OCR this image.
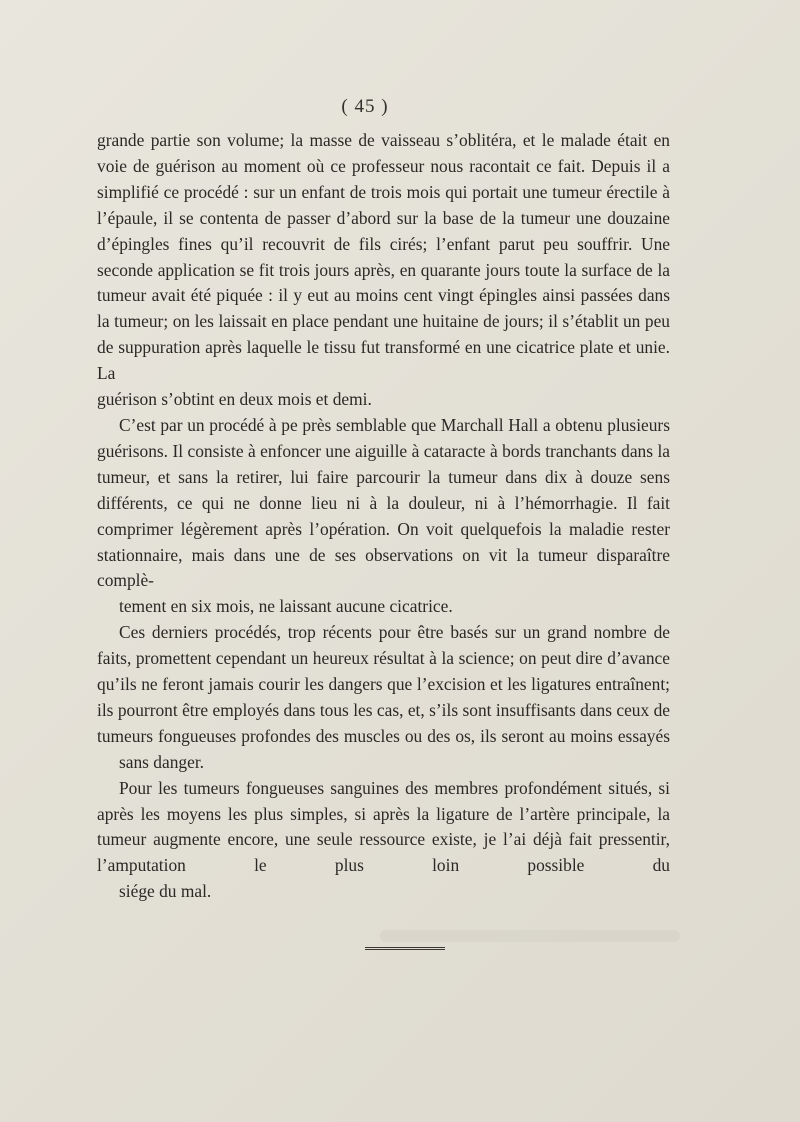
( 45 )

grande partie son volume; la masse de vaisseau s’oblitéra, et le malade était en voie de guérison au moment où ce professeur nous racontait ce fait. Depuis il a simplifié ce procédé : sur un enfant de trois mois qui portait une tumeur érectile à l’épaule, il se contenta de passer d’abord sur la base de la tumeur une douzaine d’épingles fines qu’il recouvrit de fils cirés; l’enfant parut peu souffrir. Une seconde application se fit trois jours après, en quarante jours toute la surface de la tumeur avait été piquée : il y eut au moins cent vingt épingles ainsi passées dans la tumeur; on les laissait en place pendant une huitaine de jours; il s’établit un peu de suppuration après laquelle le tissu fut transformé en une cicatrice plate et unie. La
guérison s’obtint en deux mois et demi.

C’est par un procédé à pe près semblable que Marchall Hall a obtenu plusieurs guérisons. Il consiste à enfoncer une aiguille à cataracte à bords tranchants dans la tumeur, et sans la retirer, lui faire parcourir la tumeur dans dix à douze sens différents, ce qui ne donne lieu ni à la douleur, ni à l’hémorrhagie. Il fait comprimer légèrement après l’opération. On voit quelquefois la maladie rester stationnaire, mais dans une de ses observations on vit la tumeur disparaître complè-
tement en six mois, ne laissant aucune cicatrice.

Ces derniers procédés, trop récents pour être basés sur un grand nombre de faits, promettent cependant un heureux résultat à la science; on peut dire d’avance qu’ils ne feront jamais courir les dangers que l’excision et les ligatures entraînent; ils pourront être employés dans tous les cas, et, s’ils sont insuffisants dans ceux de tumeurs fongueuses profondes des muscles ou des os, ils seront au moins essayés
sans danger.

Pour les tumeurs fongueuses sanguines des membres profondément situés, si après les moyens les plus simples, si après la ligature de l’artère principale, la tumeur augmente encore, une seule ressource existe, je l’ai déjà fait pressentir, l’amputation le plus loin possible du
siége du mal.
